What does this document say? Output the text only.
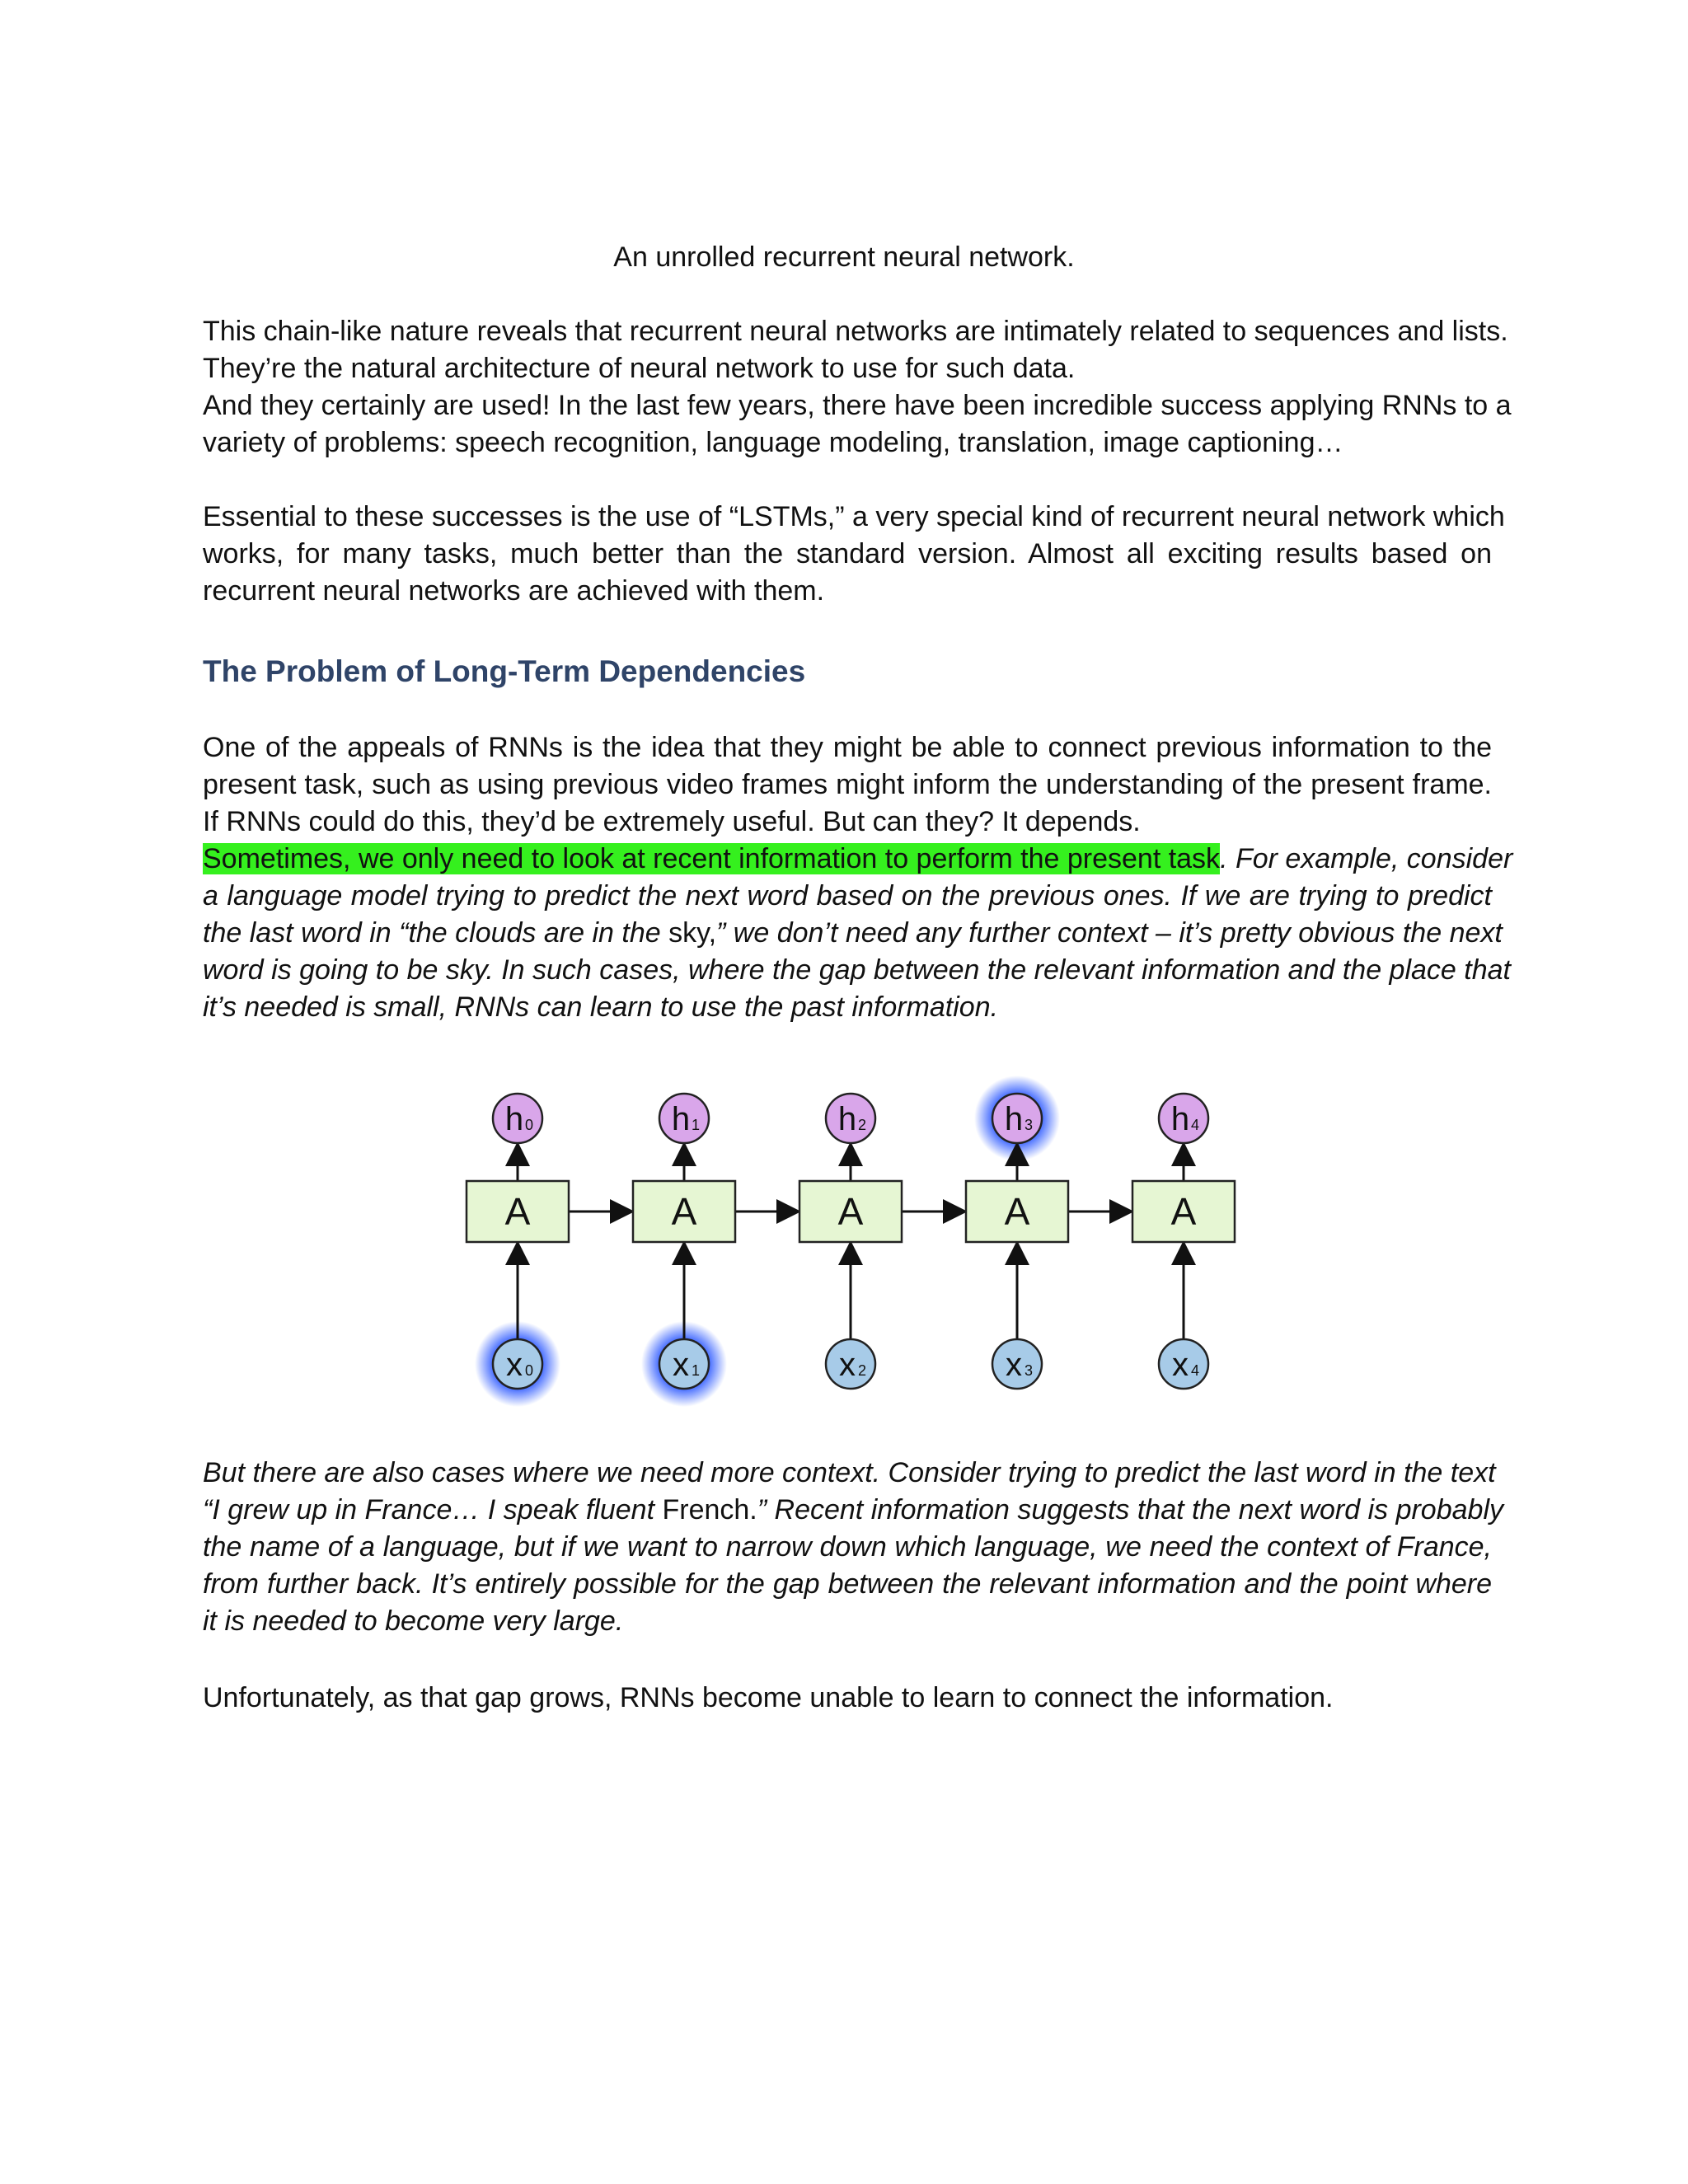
An unrolled recurrent neural network.

This chain-like nature reveals that recurrent neural networks are intimately related to sequences and lists.
They’re the natural architecture of neural network to use for such data.
And they certainly are used! In the last few years, there have been incredible success applying RNNs to a
variety of problems: speech recognition, language modeling, translation, image captioning…
Essential to these successes is the use of “LSTMs,” a very special kind of recurrent neural network which
works, for many tasks, much better than the standard version. Almost all exciting results based on
recurrent neural networks are achieved with them.
The Problem of Long-Term Dependencies
One of the appeals of RNNs is the idea that they might be able to connect previous information to the
present task, such as using previous video frames might inform the understanding of the present frame.
If RNNs could do this, they’d be extremely useful. But can they? It depends.
Sometimes, we only need to look at recent information to perform the present task. For example, consider
a language model trying to predict the next word based on the previous ones. If we are trying to predict
the last word in “the clouds are in the sky,” we don’t need any further context – it’s pretty obvious the next
word is going to be sky. In such cases, where the gap between the relevant information and the place that
it’s needed is small, RNNs can learn to use the past information.
A
h 0
x 0
A
h 1
x 1
A
h 2
x 2
A
h 3
x 3
A
h 4
x 4
But there are also cases where we need more context. Consider trying to predict the last word in the text
“I grew up in France… I speak fluent French.” Recent information suggests that the next word is probably
the name of a language, but if we want to narrow down which language, we need the context of France,
from further back. It’s entirely possible for the gap between the relevant information and the point where
it is needed to become very large.

Unfortunately, as that gap grows, RNNs become unable to learn to connect the information.
